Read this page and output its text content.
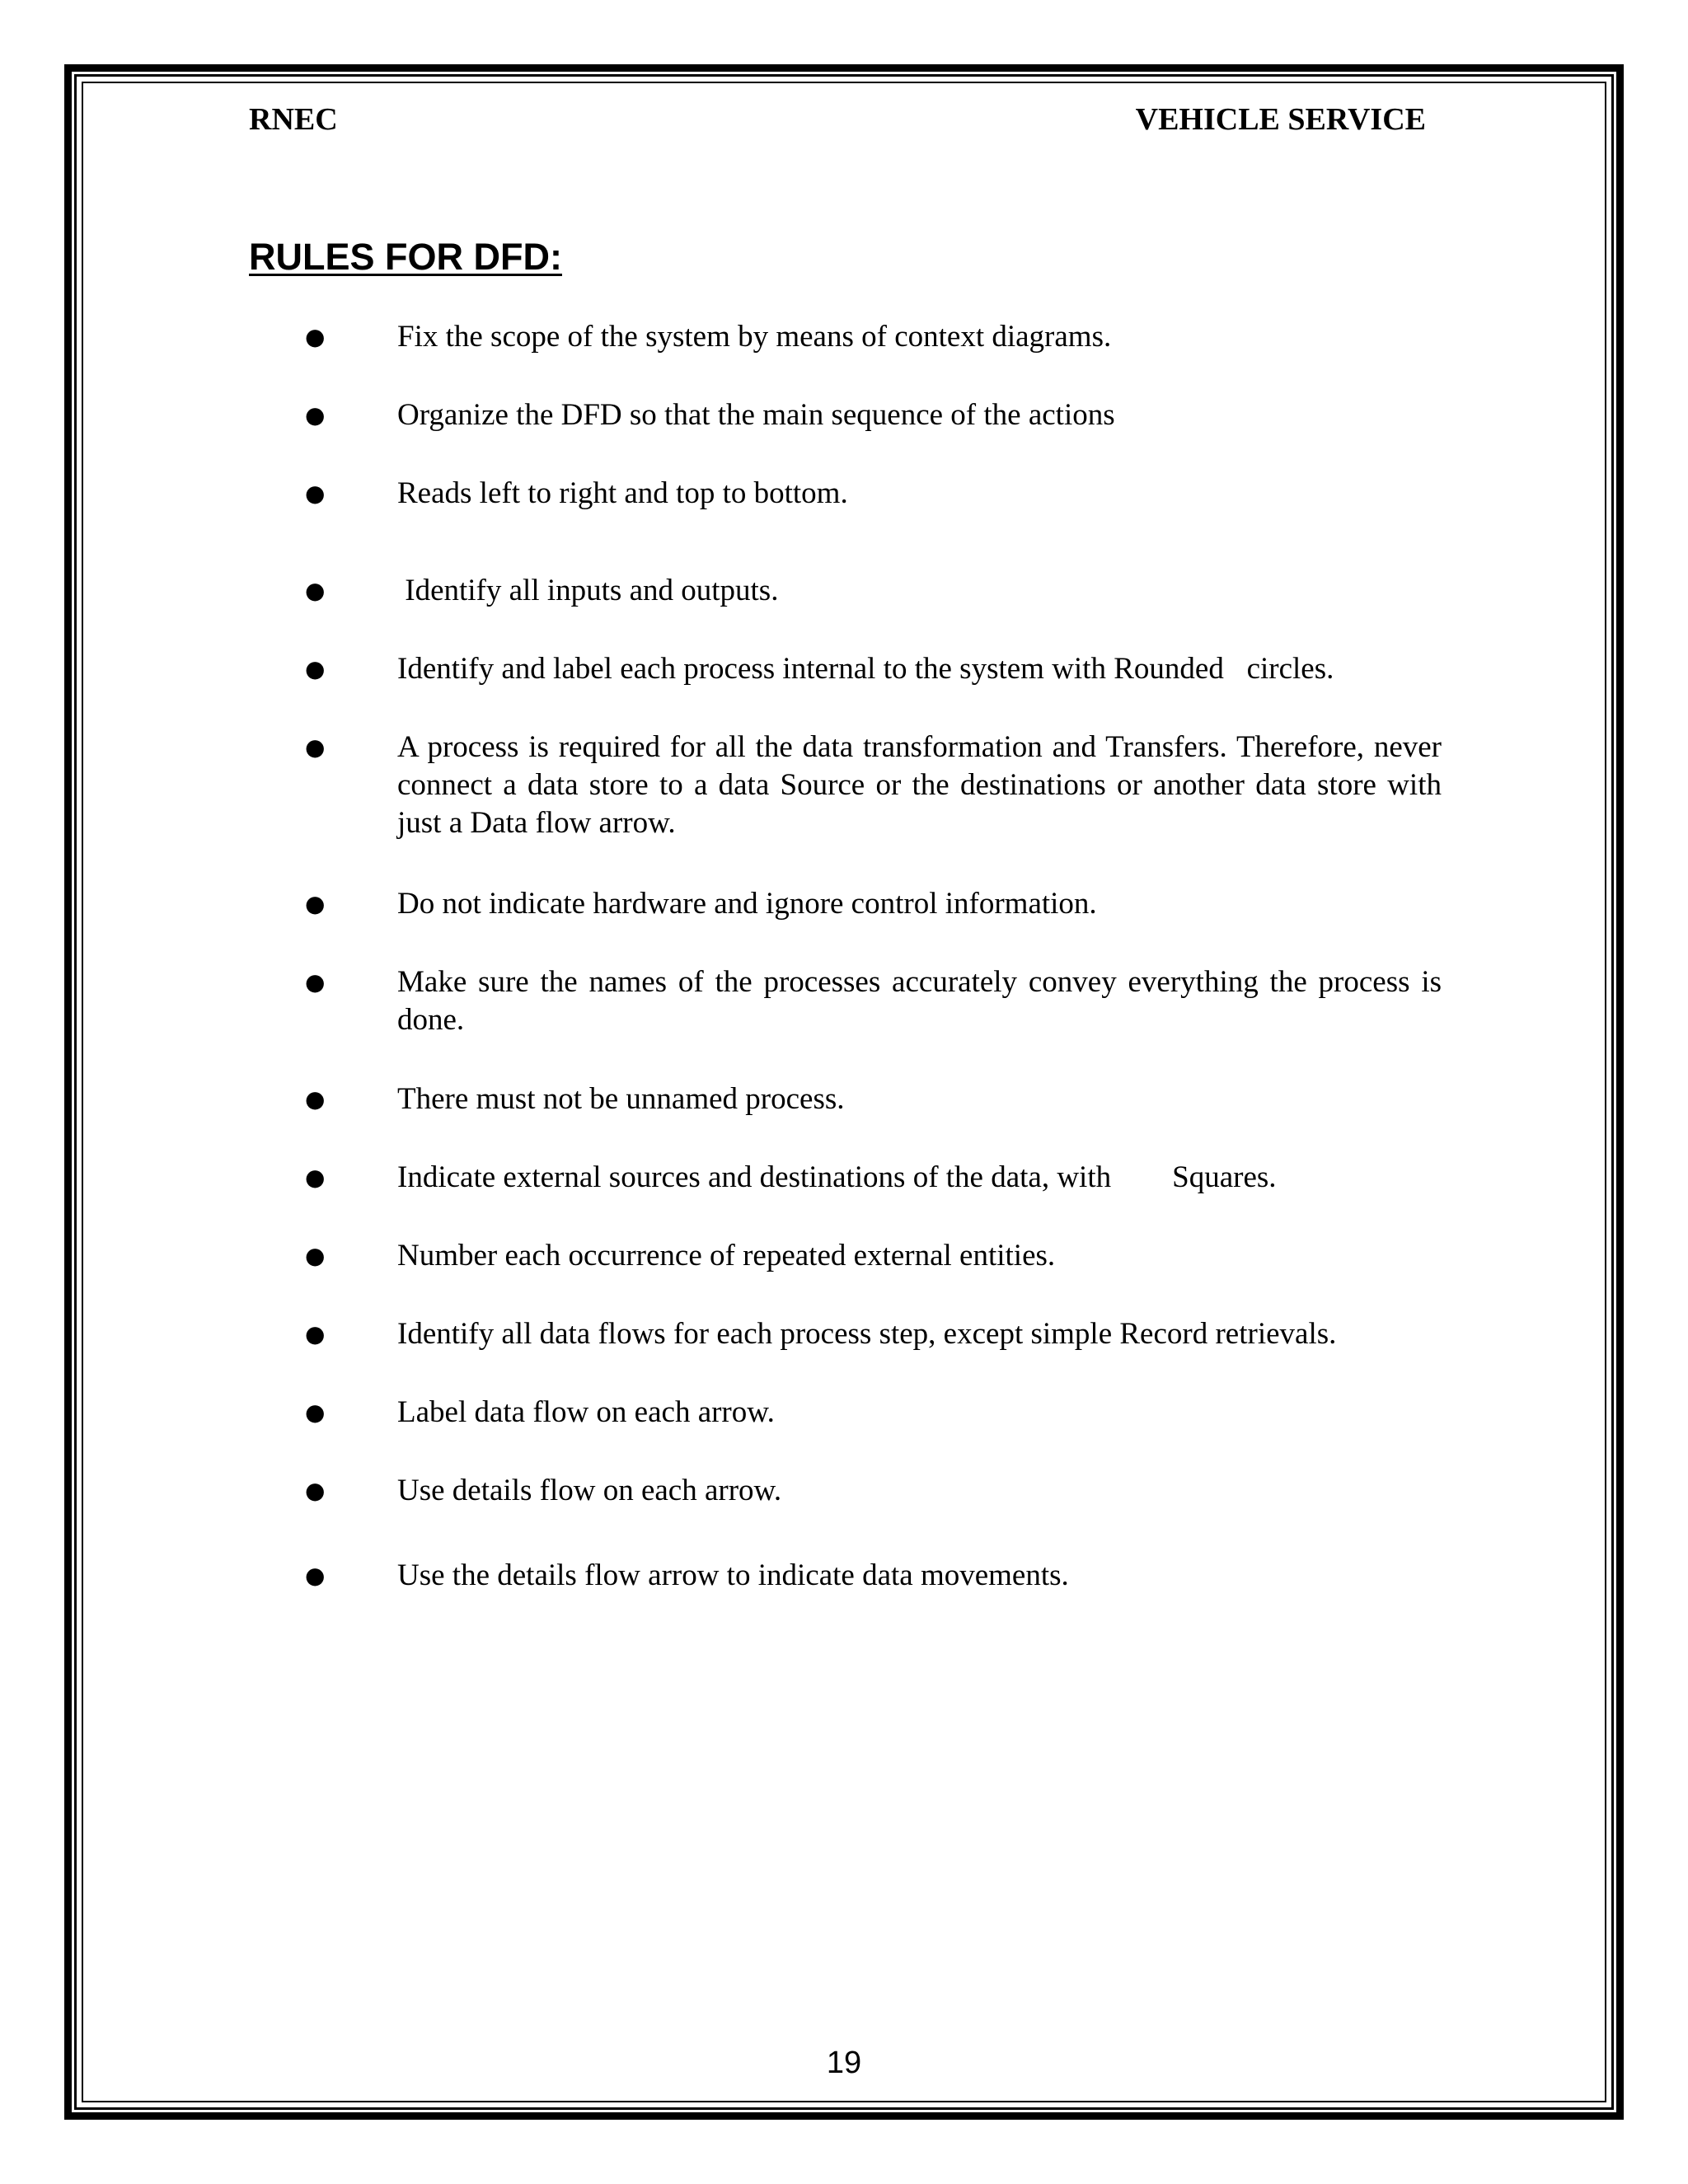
RNEC	VEHICLE SERVICE
RULES FOR DFD:
●	Fix the scope of the system by means of context diagrams.
●	Organize the DFD so that the main sequence of the actions
●	Reads left to right and top to bottom.
●	Identify all inputs and outputs.
●	Identify and label each process internal to the system with Rounded   circles.
●	A process is required for all the data transformation and Transfers. Therefore, never connect a data store to a data Source or the destinations or another data store with just a Data flow arrow.
●	Do not indicate hardware and ignore control information.
●	Make sure the names of the processes accurately convey everything the process is done.
●	There must not be unnamed process.
●	Indicate external sources and destinations of the data, with        Squares.
●	Number each occurrence of repeated external entities.
●	Identify all data flows for each process step, except simple Record retrievals.
●	Label data flow on each arrow.
●	Use details flow on each arrow.
●	Use the details flow arrow to indicate data movements.
19
